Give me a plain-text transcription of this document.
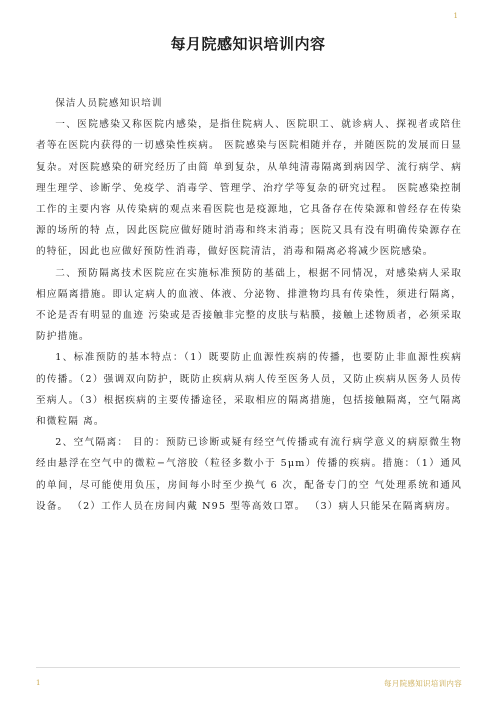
1
每月院感知识培训内容

保洁人员院感知识培训

一、医院感染又称医院内感染，是指住院病人、医院职工、就诊病人、探视者或陪住者等在医院内获得的一切感染性疾病。 医院感染与医院相随并存，并随医院的发展而日显复杂。对医院感染的研究经历了由简 单到复杂，从单纯清毒隔离到病因学、流行病学、病理生理学、诊断学、免疫学、消毒学、管理学、治疗学等复杂的研究过程。 医院感染控制工作的主要内容 从传染病的观点来看医院也是疫源地，它具备存在传染源和曾经存在传染源的场所的特 点，因此医院应做好随时消毒和终末消毒；医院又具有没有明确传染源存在的特征，因此也应做好预防性消毒，做好医院清洁，消毒和隔离必将减少医院感染。

二、预防隔离技术医院应在实施标准预防的基础上，根据不同情况，对感染病人采取相应隔离措施。即认定病人的血液、体液、分泌物、排泄物均具有传染性，须进行隔离，不论是否有明显的血迹 污染或是否接触非完整的皮肤与粘膜，接触上述物质者，必须采取防护措施。

1、标准预防的基本特点：（1）既要防止血源性疾病的传播，也要防止非血源性疾病的传播。（2）强调双向防护，既防止疾病从病人传至医务人员，又防止疾病从医务人员传至病人。（3）根据疾病的主要传播途径，采取相应的隔离措施，包括接触隔离，空气隔离和微粒隔 离。

2、空气隔离： 目的：预防已诊断或疑有经空气传播或有流行病学意义的病原微生物经由悬浮在空气中的微粒−气溶胶（粒径多数小于 5μm）传播的疾病。措施：（1）通风的单间，尽可能使用负压，房间每小时至少换气 6 次，配备专门的空 气处理系统和通风设备。 （2）工作人员在房间内戴 N95 型等高效口罩。 （3）病人只能呆在隔离病房。

1	每月院感知识培训内容
